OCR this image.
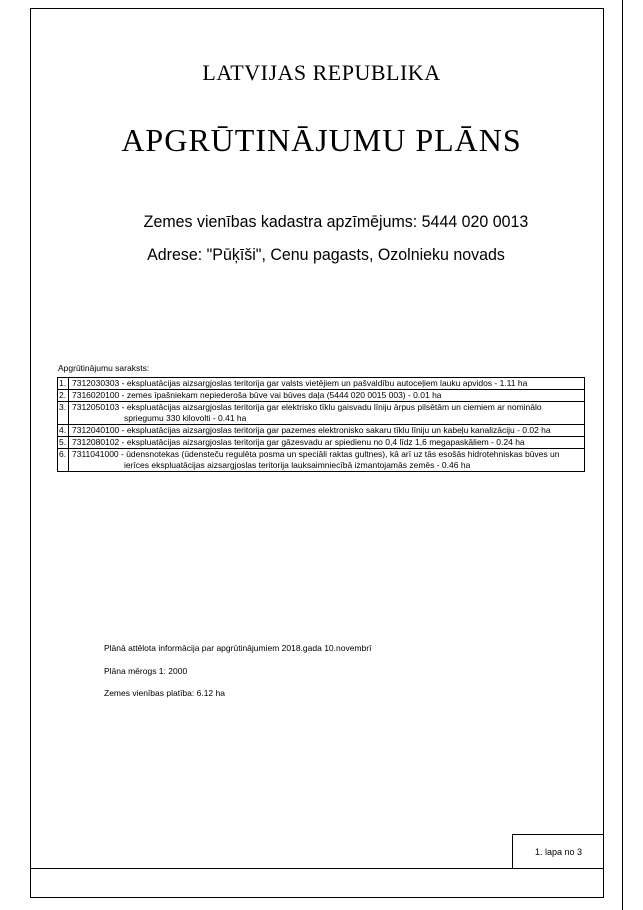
LATVIJAS REPUBLIKA
APGRŪTINĀJUMU PLĀNS
Zemes vienības kadastra apzīmējums: 5444 020 0013
Adrese: "Pūķīši", Cenu pagasts, Ozolnieku novads
Apgrūtinājumu saraksts:
1.	7312030303 - ekspluatācijas aizsargjoslas teritorija gar valsts vietējiem un pašvaldību autoceļiem lauku apvidos - 1.11 ha
2.	7316020100 - zemes īpašniekam nepiederoša būve vai būves daļa (5444 020 0015 003) - 0.01 ha
3.	7312050103 - ekspluatācijas aizsargjoslas teritorija gar elektrisko tīklu gaisvadu līniju ārpus pilsētām un ciemiem ar nominālo
spriegumu 330 kilovolti - 0.41 ha

4.	7312040100 - ekspluatācijas aizsargjoslas teritorija gar pazemes elektronisko sakaru tīklu līniju un kabeļu kanalizāciju - 0.02 ha
5.	7312080102 - ekspluatācijas aizsargjoslas teritorija gar gāzesvadu ar spiedienu no 0,4 līdz 1,6 megapaskāliem - 0.24 ha
6.	7311041000 - ūdensnotekas (ūdensteču regulēta posma un speciāli raktas gultnes), kā arī uz tās esošās hidrotehniskas būves un
ierīces ekspluatācijas aizsargjoslas teritorija lauksaimniecībā izmantojamās zemēs - 0.46 ha
Plānā attēlota informācija par apgrūtinājumiem 2018.gada 10.novembrī
Plāna mērogs 1: 2000
Zemes vienības platība: 6.12 ha
1. lapa no 3
